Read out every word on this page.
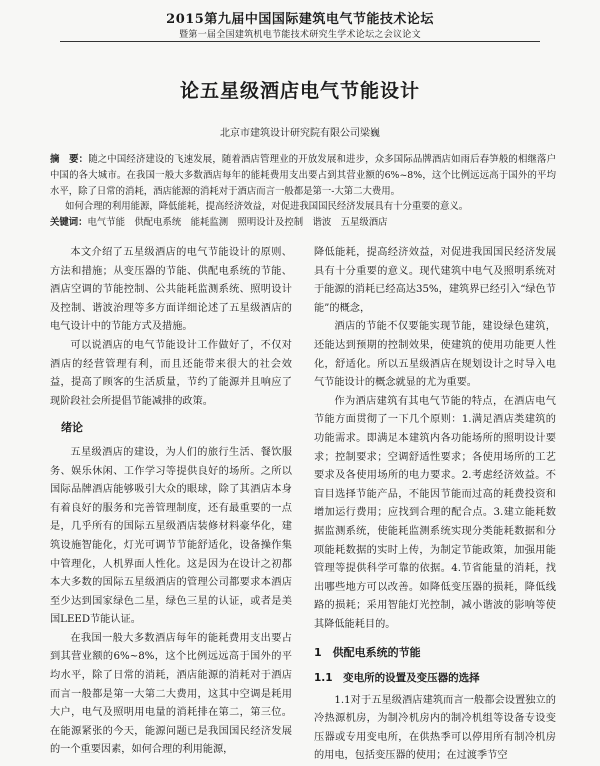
2015第九届中国国际建筑电气节能技术论坛
暨第一届全国建筑机电节能技术研究生学术论坛之会议论文
论五星级酒店电气节能设计
北京市建筑设计研究院有限公司梁巍

摘　要：随之中国经济建设的飞速发展，随着酒店管理业的开放发展和进步，众多国际品牌酒店如雨后春笋般的相继落户中国的各大城市。在我国一般大多数酒店每年的能耗费用支出要占到其营业额的6%~8%，这个比例远远高于国外的平均水平，除了日常的消耗，酒店能源的消耗对于酒店而言一般都是第一-大第二大费用。

如何合理的利用能源，降低能耗，提高经济效益，对促进我国国民经济发展具有十分重要的意义。

关键词：电气节能　供配电系统　能耗监测　照明设计及控制　谐波　五星级酒店

本文介绍了五星级酒店的电气节能设计的原则、方法和措施；从变压器的节能、供配电系统的节能、酒店空调的节能控制、公共能耗监测系统、照明设计及控制、谐波治理等多方面详细论述了五星级酒店的电气设计中的节能方式及措施。

可以说酒店的电气节能设计工作做好了，不仅对酒店的经营管理有利，而且还能带来很大的社会效益，提高了顾客的生活质量，节约了能源并且响应了现阶段社会所提倡节能减排的政策。

绪论

五星级酒店的建设，为人们的旅行生活、餐饮服务、娱乐休闲、工作学习等提供良好的场所。之所以国际品牌酒店能够吸引大众的眼球，除了其酒店本身有着良好的服务和完善管理制度，还有最重要的一点是，几乎所有的国际五星级酒店装修材料豪华化，建筑设施智能化，灯光可调节节能舒适化，设备操作集中管理化，人机界面人性化。这是因为在设计之初都本大多数的国际五星级酒店的管理公司都要求本酒店至少达到国家绿色二星，绿色三星的认证，或者是美国LEED节能认证。

在我国一般大多数酒店每年的能耗费用支出要占到其营业额的6%~8%，这个比例远远高于国外的平均水平，除了日常的消耗，酒店能源的消耗对于酒店而言一般都是第一大第二大费用，这其中空调是耗用大户，电气及照明用电量的消耗排在第二，第三位。在能源紧张的今天，能源问题已是我国国民经济发展的一个重要因素，如何合理的利用能源，

降低能耗，提高经济效益，对促进我国国民经济发展具有十分重要的意义。现代建筑中电气及照明系统对于能源的消耗已经高达35%，建筑界已经引入“绿色节能”的概念，

酒店的节能不仅要能实现节能，建设绿色建筑，还能达到预期的控制效果，使建筑的使用功能更人性化，舒适化。所以五星级酒店在规划设计之时导入电气节能设计的概念就显的尤为重要。

作为酒店建筑有其电气节能的特点，在酒店电气节能方面贯彻了一下几个原则：1.满足酒店类建筑的功能需求。即满足本建筑内各功能场所的照明设计要求；控制要求；空调舒适性要求；各使用场所的工艺要求及各使用场所的电力要求。2.考虑经济效益。不盲目选择节能产品，不能因节能而过高的耗费投资和增加运行费用；应找到合理的配合点。3.建立能耗数据监测系统，使能耗监测系统实现分类能耗数据和分项能耗数据的实时上传，为制定节能政策，加强用能管理等提供科学可靠的依据。4.节省能量的消耗，找出哪些地方可以改善。如降低变压器的损耗，降低线路的损耗；采用智能灯光控制，减小谐波的影响等使其降低能耗目的。

1　供配电系统的节能
1.1　变电所的设置及变压器的选择

1.1对于五星级酒店建筑而言一般都会设置独立的冷热源机房，为制冷机房内的制冷机组等设备专设变压器或专用变电所，在供热季可以停用所有制冷机房的用电，包括变压器的使用；在过渡季节空
